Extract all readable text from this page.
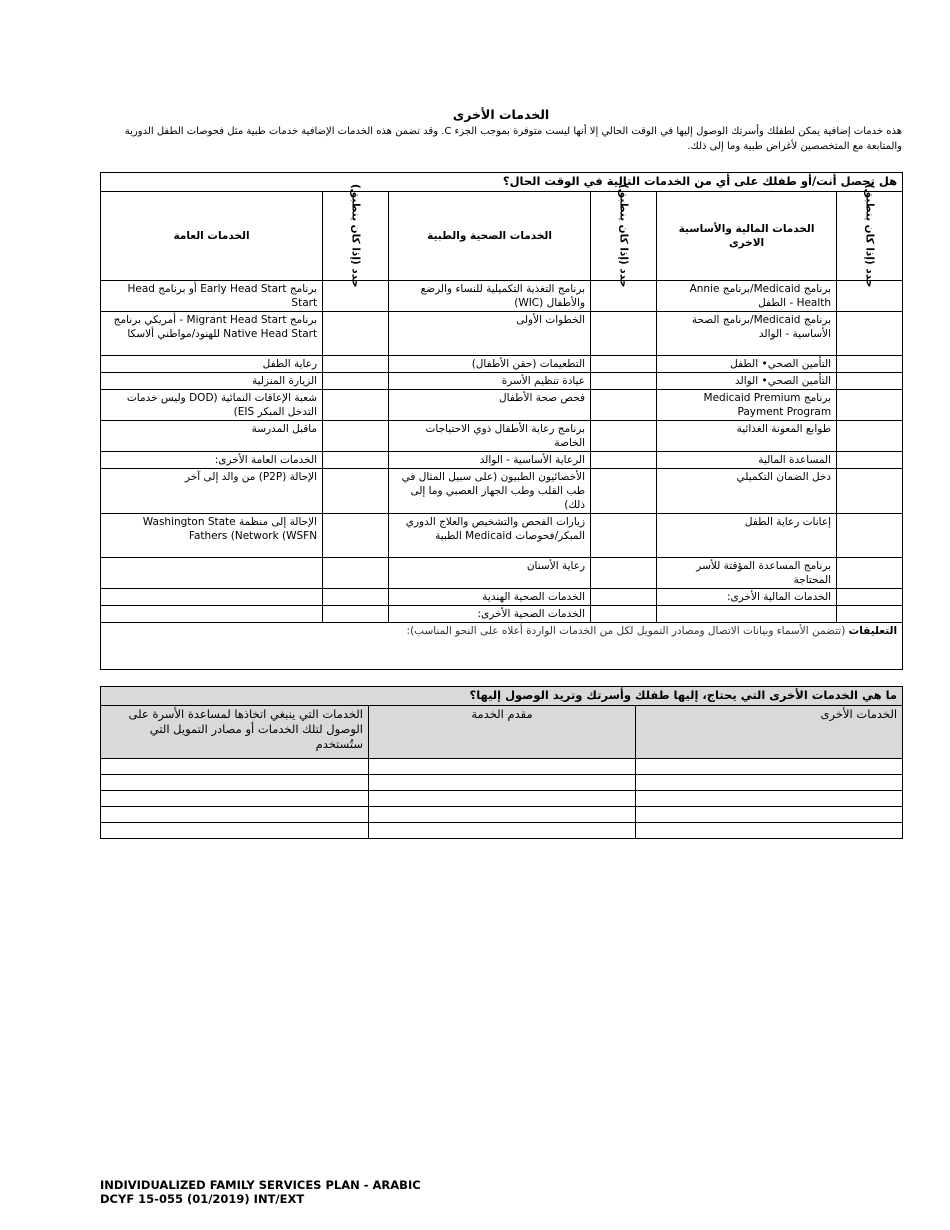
الخدمات الأخرى
هذه خدمات إضافية يمكن لطفلك وأسرتك الوصول إليها في الوقت الحالي إلا أنها ليست متوفرة بموجب الجزء C. وقد تضمن هذه الخدمات الإضافية خدمات طبية مثل فحوصات الطفل الدورية والمتابعة مع المتخصصين لأغراض طبية وما إلى ذلك.
هل تحصل أنت/أو طفلك على أي من الخدمات التالية في الوقت الحال؟					

حدد (إذا كان ينطبق)	الخدمات المالية والأساسية الاخرى	حدد (إذا كان ينطبق)	الخدمات الصحية والطبية	حدد (إذا كان ينطبق)	الخدمات العامة
	برنامج Medicaid/برنامج Annie Health - الطفل		برنامج التغذية التكميلية للنساء والرضع والأطفال (WIC)		برنامج Early Head Start أو برنامج Head Start
	برنامج Medicaid/برنامج الصحة الأساسية - الوالد		الخطوات الأولى		برنامج Migrant Head Start - أمريكي برنامج Native Head Start للهنود/مواطني ألاسكا
	التأمين الصحي• الطفل		التطعيمات (حقن الأطفال)		رعاية الطفل
	التأمين الصحي• الوالد		عيادة تنظيم الأسرة		الزيارة المنزلية
	برنامج Medicaid Premium Payment Program		فحص صحة الأطفال		شعبة الإعاقات النمائية (DOD وليس خدمات التدخل المبكر EIS)
	طوابع المعونة الغذائية		برنامج رعاية الأطفال ذوي الاحتياجات الخاصة		ماقبل المدرسة
	المساعدة المالية		الرعاية الأساسية - الوالد		الخدمات العامة الأخرى:
	دخل الضمان التكميلي		الأخصائيون الطبيون (على سبيل المثال في طب القلب وطب الجهاز العصبي وما إلى ذلك)		الإحالة (P2P) من والد إلى آخر
	إعانات رعاية الطفل		زيارات الفحص والتشخيص والعلاج الدوري المبكر/فحوصات Medicaid الطبية		الإحالة إلى منظمة Washington State Fathers (Network (WSFN
	برنامج المساعدة المؤقتة للأسر المحتاجة		رعاية الأسنان		
	الخدمات المالية الأخرى:		الخدمات الصحية الهندية		
			الخدمات الصحية الأخرى:		
التعليقات (تتضمن الأسماء وبيانات الاتصال ومصادر التمويل لكل من الخدمات الواردة أعلاه على النحو المناسب):					
ما هي الخدمات الأخرى التي يحتاج، إليها طفلك وأسرتك وتريد الوصول إليها؟		
الخدمات الأخرى	مقدم الخدمة	الخدمات التي ينبغي اتخاذها لمساعدة الأسرة على الوصول لتلك الخدمات أو مصادر التمويل التي ستُستخدم

INDIVIDUALIZED FAMILY SERVICES PLAN - ARABIC
DCYF 15-055 (01/2019) INT/EXT
